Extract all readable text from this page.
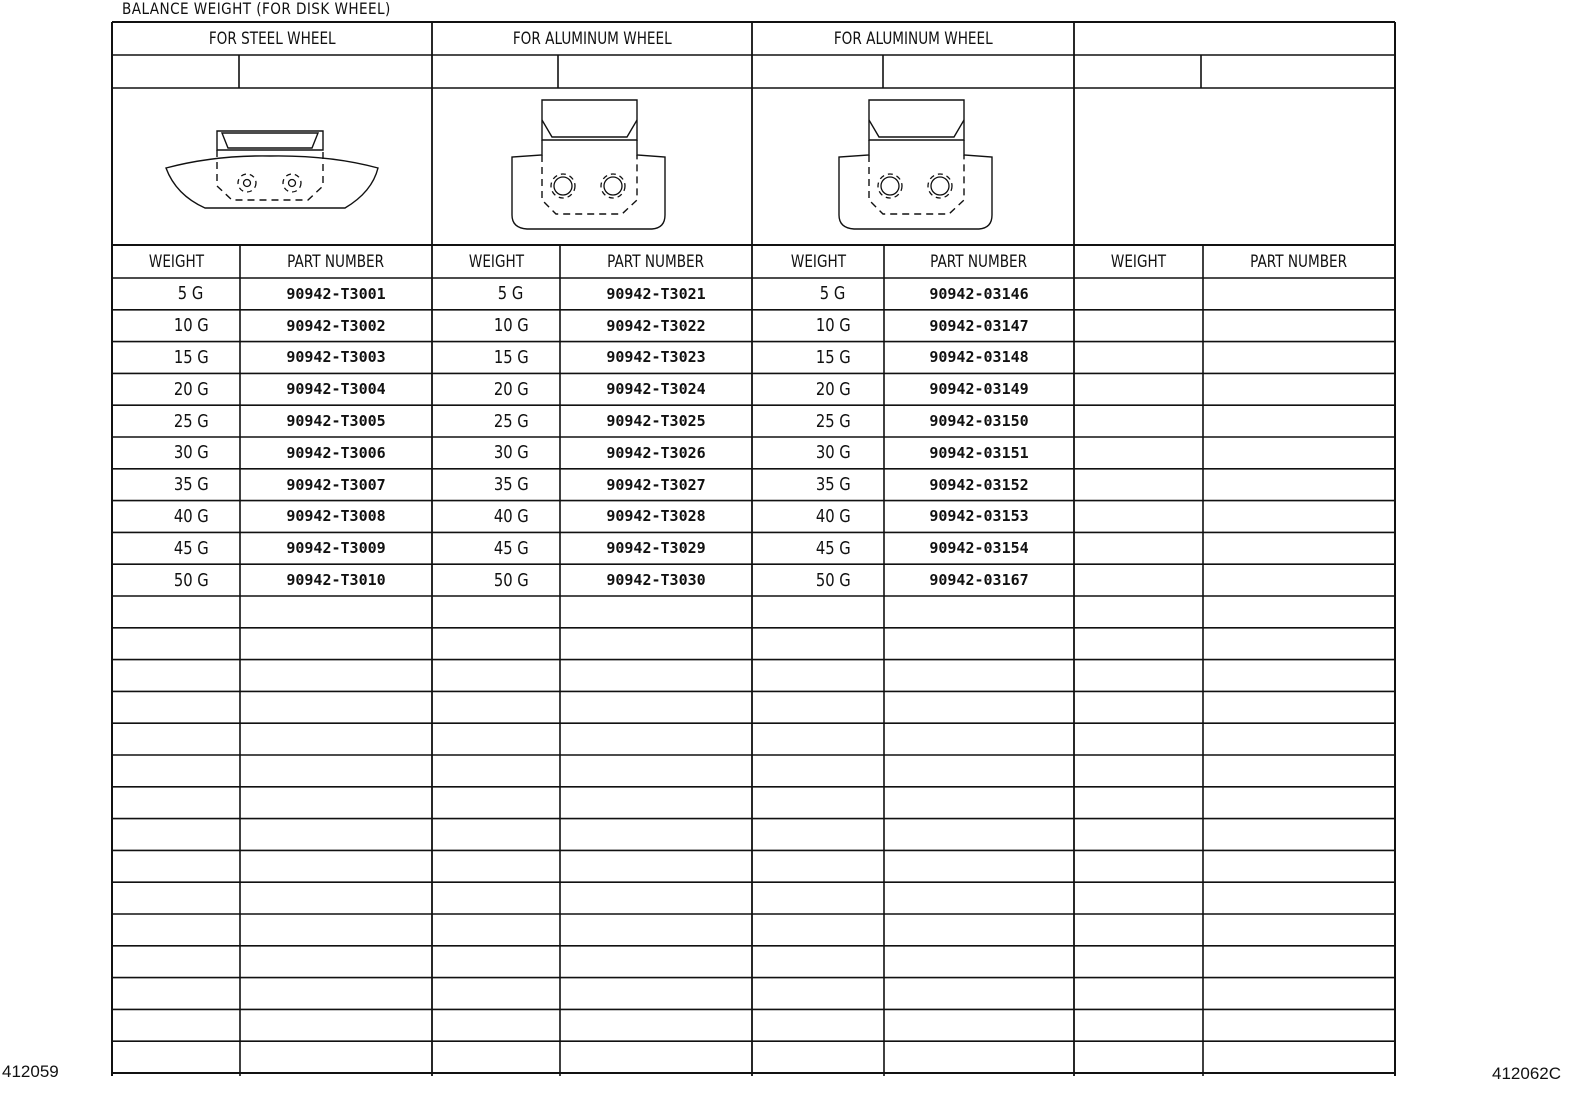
BALANCE WEIGHT (FOR DISK WHEEL)
FOR STEEL WHEEL	FOR ALUMINUM WHEEL	FOR ALUMINUM WHEEL
WEIGHT	PART NUMBER	WEIGHT	PART NUMBER	WEIGHT	PART NUMBER	WEIGHT	PART NUMBER
5 G	90942-T3001	5 G	90942-T3021	5 G	90942-03146
10 G	90942-T3002	10 G	90942-T3022	10 G	90942-03147
15 G	90942-T3003	15 G	90942-T3023	15 G	90942-03148
20 G	90942-T3004	20 G	90942-T3024	20 G	90942-03149
25 G	90942-T3005	25 G	90942-T3025	25 G	90942-03150
30 G	90942-T3006	30 G	90942-T3026	30 G	90942-03151
35 G	90942-T3007	35 G	90942-T3027	35 G	90942-03152
40 G	90942-T3008	40 G	90942-T3028	40 G	90942-03153
45 G	90942-T3009	45 G	90942-T3029	45 G	90942-03154
50 G	90942-T3010	50 G	90942-T3030	50 G	90942-03167
412059	412062C
